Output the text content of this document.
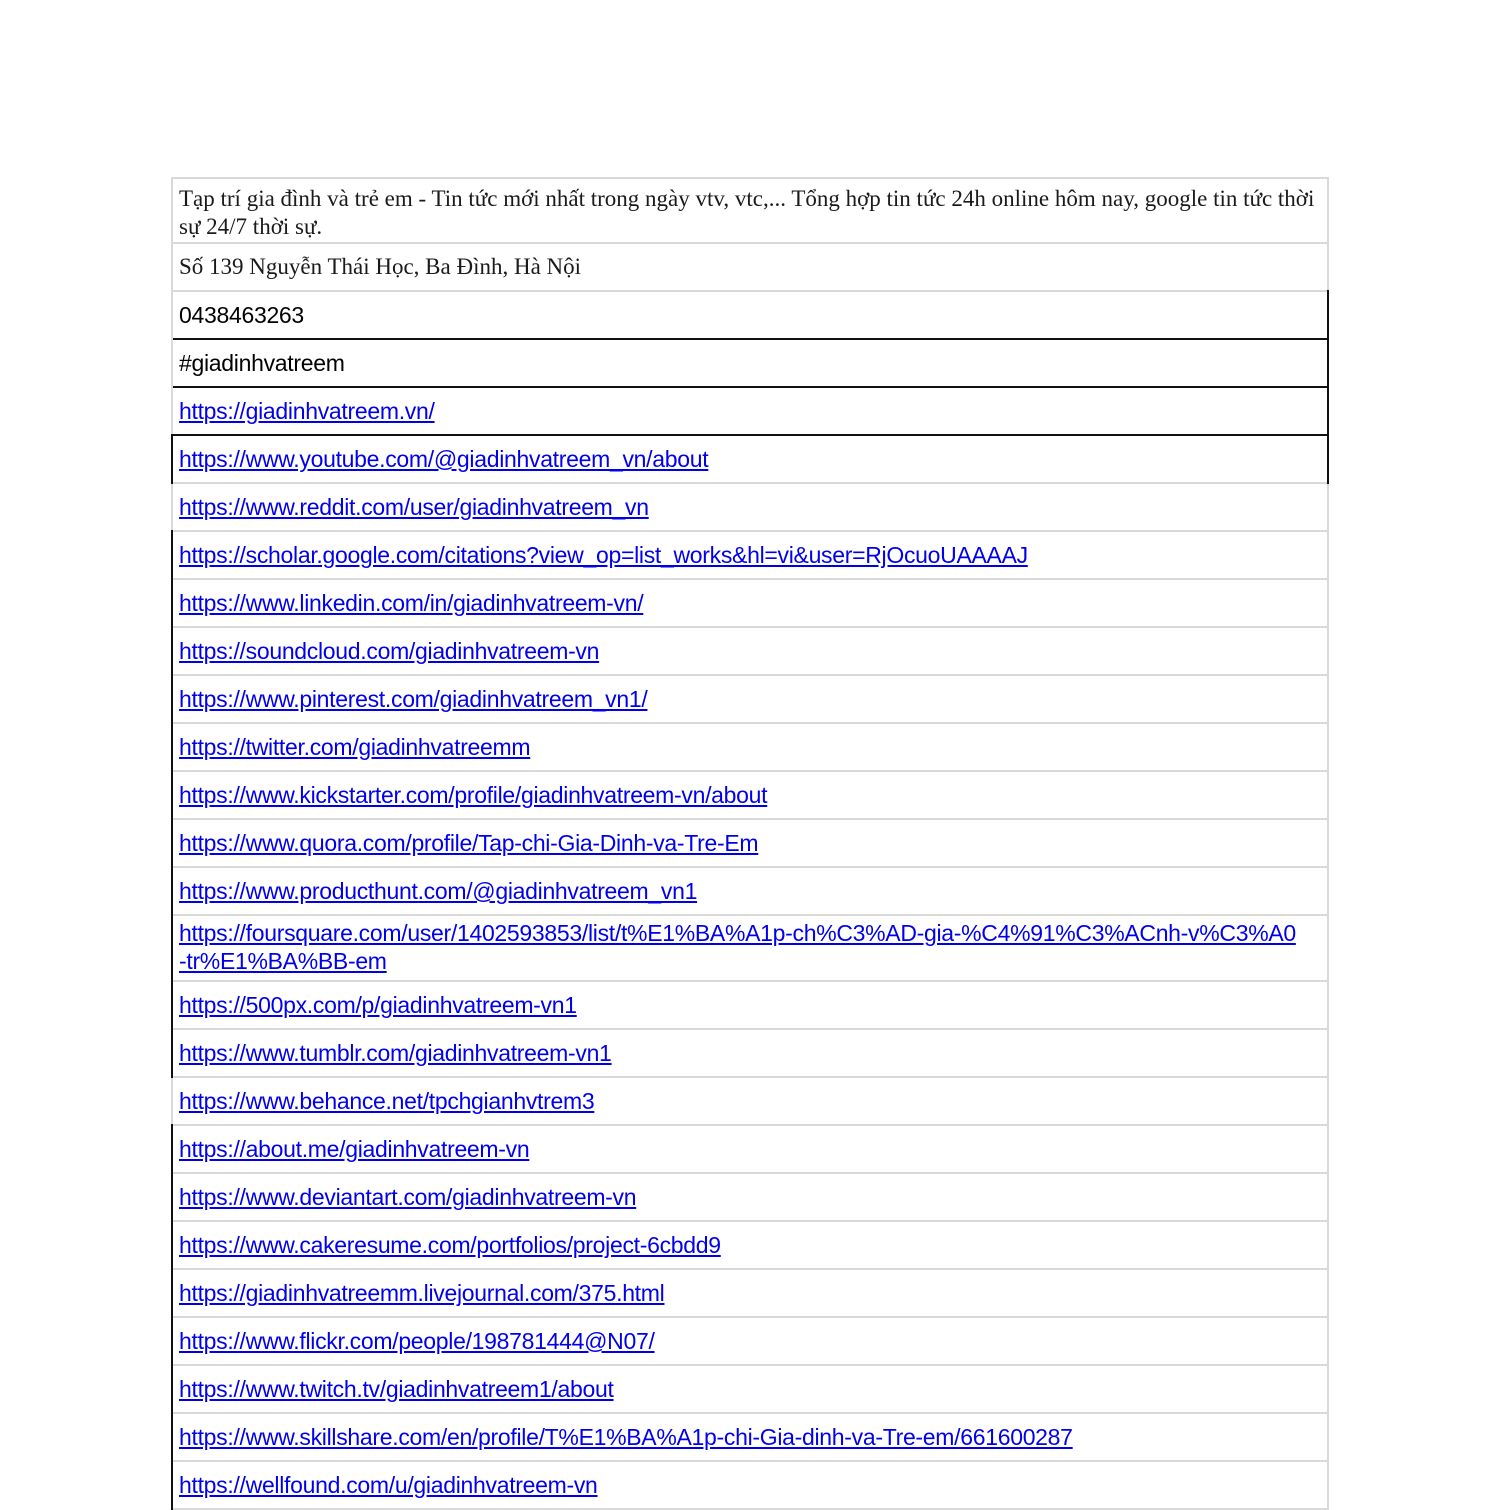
Tạp trí gia đình và trẻ em - Tin tức mới nhất trong ngày vtv, vtc,... Tổng hợp tin tức 24h online hôm nay, google tin tức thời sự 24/7 thời sự.
Số 139 Nguyễn Thái Học, Ba Đình, Hà Nội
0438463263
#giadinhvatreem
https://giadinhvatreem.vn/
https://www.youtube.com/@giadinhvatreem_vn/about
https://www.reddit.com/user/giadinhvatreem_vn
https://scholar.google.com/citations?view_op=list_works&hl=vi&user=RjOcuoUAAAAJ
https://www.linkedin.com/in/giadinhvatreem-vn/
https://soundcloud.com/giadinhvatreem-vn
https://www.pinterest.com/giadinhvatreem_vn1/
https://twitter.com/giadinhvatreemm
https://www.kickstarter.com/profile/giadinhvatreem-vn/about
https://www.quora.com/profile/Tap-chi-Gia-Dinh-va-Tre-Em
https://www.producthunt.com/@giadinhvatreem_vn1
https://foursquare.com/user/1402593853/list/t%E1%BA%A1p-ch%C3%AD-gia-%C4%91%C3%ACnh-v%C3%A0-tr%E1%BA%BB-em
https://500px.com/p/giadinhvatreem-vn1
https://www.tumblr.com/giadinhvatreem-vn1
https://www.behance.net/tpchgianhvtrem3
https://about.me/giadinhvatreem-vn
https://www.deviantart.com/giadinhvatreem-vn
https://www.cakeresume.com/portfolios/project-6cbdd9
https://giadinhvatreemm.livejournal.com/375.html
https://www.flickr.com/people/198781444@N07/
https://www.twitch.tv/giadinhvatreem1/about
https://www.skillshare.com/en/profile/T%E1%BA%A1p-chi-Gia-dinh-va-Tre-em/661600287
https://wellfound.com/u/giadinhvatreem-vn
